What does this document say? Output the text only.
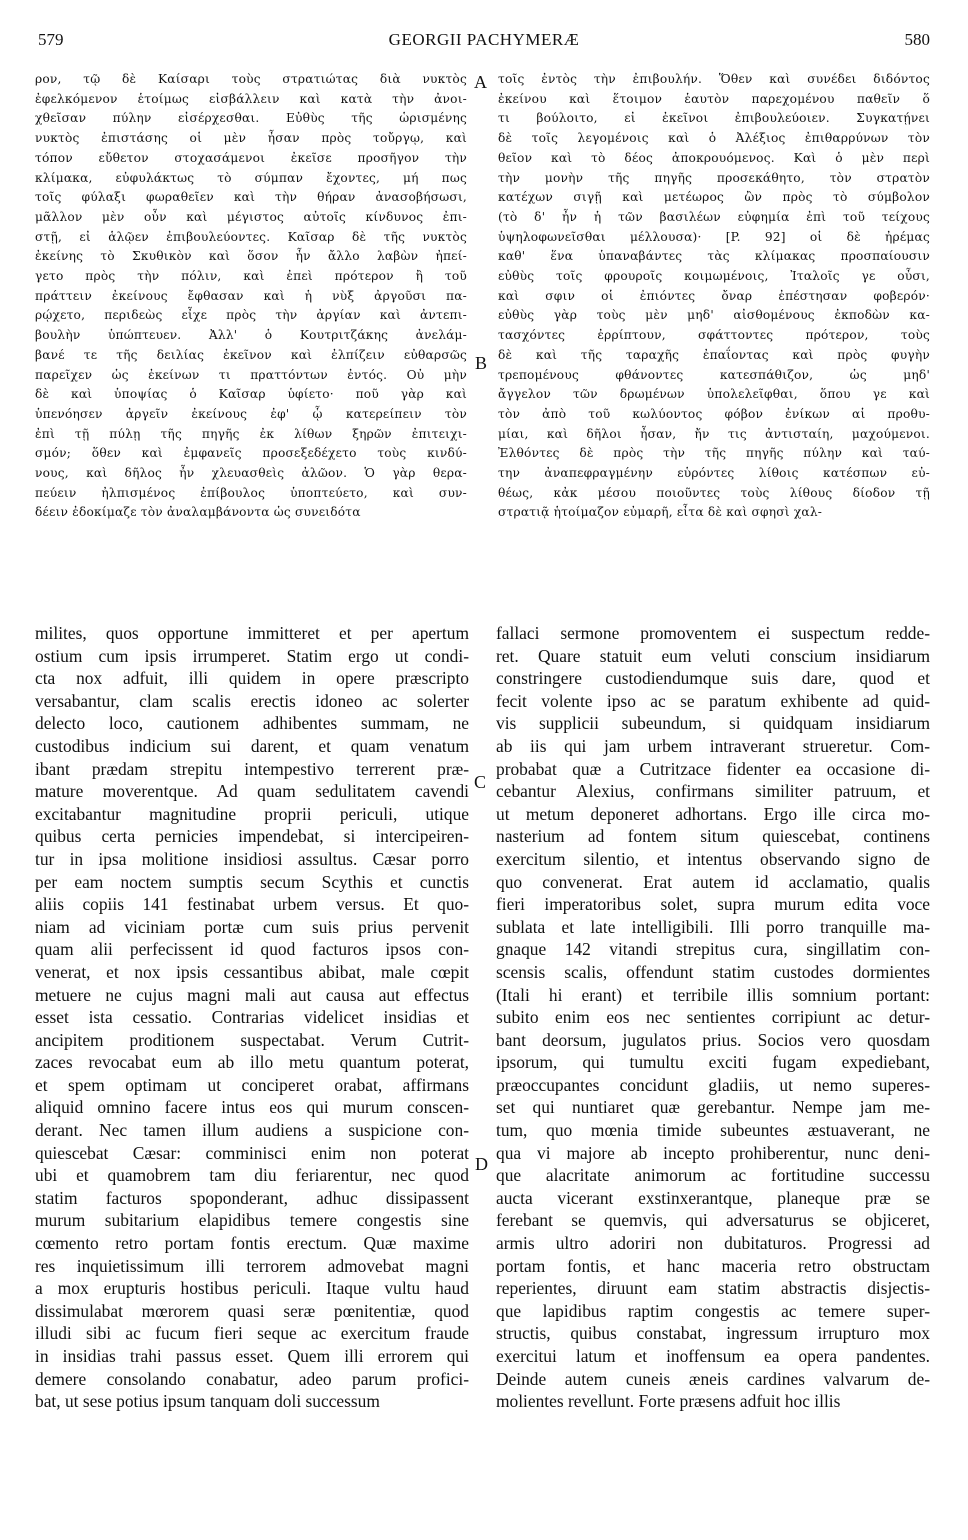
579	GEORGII PACHYMERÆ	580
ρον, τῷ δὲ Καίσαρι τοὺς στρατιώτας διὰ νυκτὸς
ἐφελκόμενον ἑτοίμως εἰσβάλλειν καὶ κατὰ τὴν ἀνοι-
χθεῖσαν πύλην εἰσέρχεσθαι. Εὐθὺς τῆς ὡρισμένης
νυκτὸς ἐπιστάσης οἱ μὲν ἦσαν πρὸς τοὔργῳ, καὶ
τόπον εὔθετον στοχασάμενοι ἐκεῖσε προσῆγον τὴν
κλίμακα, εὐφυλάκτως τὸ σύμπαν ἔχοντες, μή πως
τοῖς φύλαξι φωραθεῖεν καὶ τὴν θήραν ἀνασοβήσωσι,
μᾶλλον μὲν οὖν καὶ μέγιστος αὐτοῖς κίνδυνος ἐπι-
στῇ, εἰ ἁλῷεν ἐπιβουλεύοντες. Καῖσαρ δὲ τῆς νυκτὸς
ἐκείνης τὸ Σκυθικὸν καὶ ὅσον ἦν ἄλλο λαβὼν ἠπεί-
γετο πρὸς τὴν πόλιν, καὶ ἐπεὶ πρότερον ἢ τοῦ
πράττειν ἐκείνους ἔφθασαν καὶ ἡ νὺξ ἀργοῦσι πα-
ρῴχετο, περιδεὼς εἶχε πρὸς τὴν ἀργίαν καὶ ἀντεπι-
βουλὴν ὑπώπτευεν. Ἀλλ' ὁ Κουτριτζάκης ἀνελάμ-
βανέ τε τῆς δειλίας ἐκεῖνον καὶ ἐλπίζειν εὐθαρσῶς
παρεῖχεν ὡς ἐκείνων τι πραττόντων ἐντός. Οὐ μὴν
δὲ καὶ ὑποψίας ὁ Καῖσαρ ὑφίετο· ποῦ γὰρ καὶ
ὑπενόησεν ἀργεῖν ἐκείνους ἐφ' ᾧ κατερείπειν τὸν
ἐπὶ τῇ πύλῃ τῆς πηγῆς ἐκ λίθων ξηρῶν ἐπιτειχι-
σμόν; ὅθεν καὶ ἐμφανεῖς προσεξεδέχετο τοὺς κινδύ-
νους, καὶ δῆλος ἦν χλευασθεὶς ἀλῶον. Ὁ γὰρ θερα-
πεύειν ἠλπισμένος ἐπίβουλος ὑποπτεύετο, καὶ συν-
δέειν ἐδοκίμαζε τὸν ἀναλαμβάνοντα ὡς συνειδότα
τοῖς ἐντὸς τὴν ἐπιβουλήν. Ὅθεν καὶ συνέδει διδόντος
ἐκείνου καὶ ἕτοιμον ἑαυτὸν παρεχομένου παθεῖν ὅ
τι βούλοιτο, εἰ ἐκεῖνοι ἐπιβουλεύοιεν. Συγκατῄνει
δὲ τοῖς λεγομένοις καὶ ὁ Ἀλέξιος ἐπιθαρρύνων τὸν
θεῖον καὶ τὸ δέος ἀποκρουόμενος. Καὶ ὁ μὲν περὶ
τὴν μονὴν τῆς πηγῆς προσεκάθητο, τὸν στρατὸν
κατέχων σιγῇ καὶ μετέωρος ὢν πρὸς τὸ σύμβολον
(τὸ δ' ἦν ἡ τῶν βασιλέων εὐφημία ἐπὶ τοῦ τείχους
ὑψηλοφωνεῖσθαι μέλλουσα)· [P. 92] οἱ δὲ ἠρέμας
καθ' ἕνα ὑπαναβάντες τὰς κλίμακας προσπαίουσιν
εὐθὺς τοῖς φρουροῖς κοιμωμένοις, Ἰταλοῖς γε οὖσι,
καὶ σφιν οἱ ἐπιόντες ὄναρ ἐπέστησαν φοβερόν·
εὐθὺς γὰρ τοὺς μὲν μηδ' αἰσθομένους ἐκποδὼν κα-
τασχόντες ἐρρίπτουν, σφάττοντες πρότερον, τοὺς
δὲ καὶ τῆς ταραχῆς ἐπαΐοντας καὶ πρὸς φυγὴν
τρεπομένους φθάνοντες κατεσπάθιζον, ὡς μηδ'
ἄγγελον τῶν δρωμένων ὑπολελεῖφθαι, ὅπου γε καὶ
τὸν ἀπὸ τοῦ κωλύοντος φόβον ἐνίκων αἱ προθυ-
μίαι, καὶ δῆλοι ἦσαν, ἤν τις ἀντισταίη, μαχούμενοι.
Ἐλθόντες δὲ πρὸς τὴν τῆς πηγῆς πύλην καὶ ταύ-
την ἀναπεφραγμένην εὑρόντες λίθοις κατέσπων εὐ-
θέως, κἀκ μέσου ποιοῦντες τοὺς λίθους δίοδον τῇ
στρατιᾷ ἡτοίμαζον εὐμαρῆ, εἶτα δὲ καὶ σφησὶ χαλ-
A
B
C
D
milites, quos opportune immitteret et per apertum
ostium cum ipsis irrumperet. Statim ergo ut condi-
cta nox adfuit, illi quidem in opere præscripto
versabantur, clam scalis erectis idoneo ac solerter
delecto loco, cautionem adhibentes summam, ne
custodibus indicium sui darent, et quam venatum
ibant prædam strepitu intempestivo terrerent præ-
mature moverentque. Ad quam sedulitatem cavendi
excitabantur magnitudine proprii periculi, utique
quibus certa pernicies impendebat, si intercipeiren-
tur in ipsa molitione insidiosi assultus. Cæsar porro
per eam noctem sumptis secum Scythis et cunctis
aliis copiis 141 festinabat urbem versus. Et quo-
niam ad viciniam portæ cum suis prius pervenit
quam alii perfecissent id quod facturos ipsos con-
venerat, et nox ipsis cessantibus abibat, male cœpit
metuere ne cujus magni mali aut causa aut effectus
esset ista cessatio. Contrarias videlicet insidias et
ancipitem proditionem suspectabat. Verum Cutrit-
zaces revocabat eum ab illo metu quantum poterat,
et spem optimam ut conciperet orabat, affirmans
aliquid omnino facere intus eos qui murum conscen-
derant. Nec tamen illum audiens a suspicione con-
quiescebat Cæsar: comminisci enim non poterat
ubi et quamobrem tam diu feriarentur, nec quod
statim facturos spoponderant, adhuc dissipassent
murum subitarium elapidibus temere congestis sine
cœmento retro portam fontis erectum. Quæ maxime
res inquietissimum illi terrorem admovebat magni
a mox erupturis hostibus periculi. Itaque vultu haud
dissimulabat mœrorem quasi seræ pœnitentiæ, quod
illudi sibi ac fucum fieri seque ac exercitum fraude
in insidias trahi passus esset. Quem illi errorem qui
demere consolando conabatur, adeo parum profici-
bat, ut sese potius ipsum tanquam doli successum
fallaci sermone promoventem ei suspectum redde-
ret. Quare statuit eum veluti conscium insidiarum
constringere custodiendumque suis dare, quod et
fecit volente ipso ac se paratum exhibente ad quid-
vis supplicii subeundum, si quidquam insidiarum
ab iis qui jam urbem intraverant strueretur. Com-
probabat quæ a Cutritzace fidenter ea occasione di-
cebantur Alexius, confirmans similiter patruum, et
ut metum deponeret adhortans. Ergo ille circa mo-
nasterium ad fontem situm quiescebat, continens
exercitum silentio, et intentus observando signo de
quo convenerat. Erat autem id acclamatio, qualis
fieri imperatoribus solet, supra murum edita voce
sublata et late intelligibili. Illi porro tranquille ma-
gnaque 142 vitandi strepitus cura, singillatim con-
scensis scalis, offendunt statim custodes dormientes
(Itali hi erant) et terribile illis somnium portant:
subito enim eos nec sentientes corripiunt ac detur-
bant deorsum, jugulatos prius. Socios vero quosdam
ipsorum, qui tumultu exciti fugam expediebant,
præoccupantes concidunt gladiis, ut nemo superes-
set qui nuntiaret quæ gerebantur. Nempe jam me-
tum, quo mœnia timide subeuntes æstuaverant, ne
qua vi majore ab incepto prohiberentur, nunc deni-
que alacritate animorum ac fortitudine successu
aucta vicerant exstinxerantque, planeque præ se
ferebant se quemvis, qui adversaturus se objiceret,
armis ultro adoriri non dubitaturos. Progressi ad
portam fontis, et hanc maceria retro obstructam
reperientes, diruunt eam statim abstractis disjectis-
que lapidibus raptim congestis ac temere super-
structis, quibus constabat, ingressum irrupturo mox
exercitui latum et inoffensum ea opera pandentes.
Deinde autem cuneis æneis cardines valvarum de-
molientes revellunt. Forte præsens adfuit hoc illis
